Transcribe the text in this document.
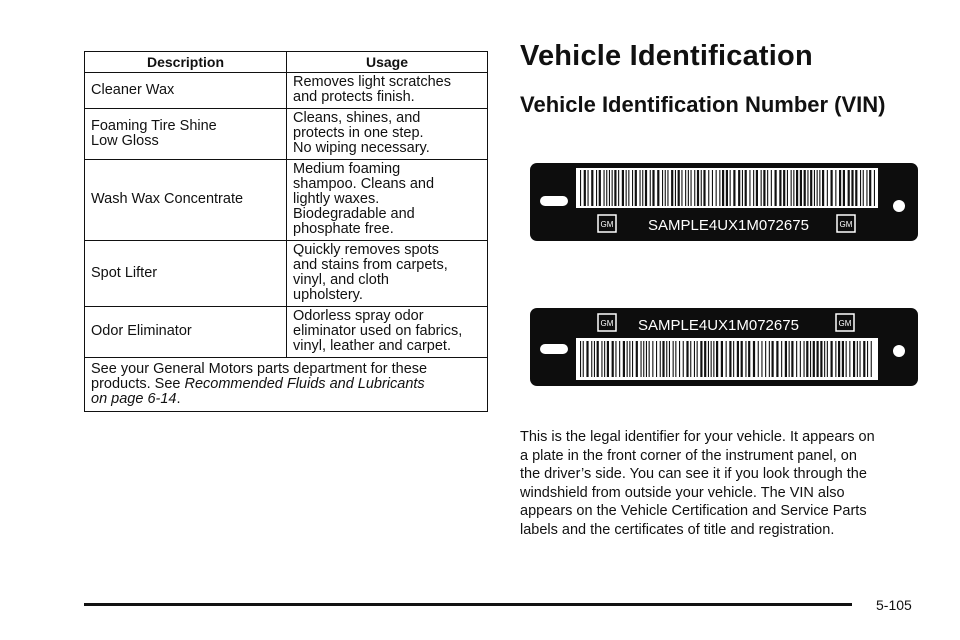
Description	Usage

Cleaner Wax	Removes light scratches
and protects finish.

Foaming Tire Shine
Low Gloss	Cleans, shines, and
protects in one step.
No wiping necessary.

Wash Wax Concentrate	Medium foaming
shampoo. Cleans and
lightly waxes.
Biodegradable and
phosphate free.

Spot Lifter	Quickly removes spots
and stains from carpets,
vinyl, and cloth
upholstery.

Odor Eliminator	Odorless spray odor
eliminator used on fabrics,
vinyl, leather and carpet.

See your General Motors parts department for these
products. See Recommended Fluids and Lubricants
on page 6-14.	
Vehicle Identification
Vehicle Identification Number (VIN)
GM SAMPLE4UX1M072675	GM
GM SAMPLE4UX1M072675	GM

This is the legal identifier for your vehicle. It appears on
a plate in the front corner of the instrument panel, on
the driver’s side. You can see it if you look through the
windshield from outside your vehicle. The VIN also
appears on the Vehicle Certification and Service Parts
labels and the certificates of title and registration.

5-105
